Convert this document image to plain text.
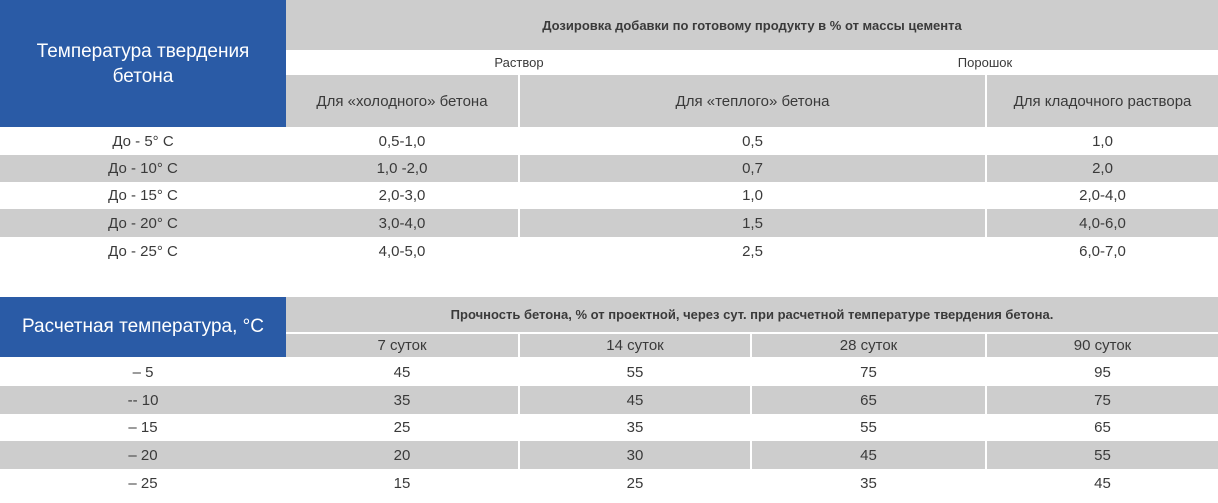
Температура твердения бетона
Дозировка добавки по готовому продукту в % от массы цемента
Раствор	Порошок
Для «холодного» бетона	Для «теплого» бетона	Для кладочного раствора
До - 5° С	0,5-1,0	0,5	1,0
До - 10° С	1,0 -2,0	0,7	2,0
До - 15° С	2,0-3,0	1,0	2,0-4,0
До - 20° С	3,0-4,0	1,5	4,0-6,0
До - 25° С	4,0-5,0	2,5	6,0-7,0
Расчетная температура, °С
Прочность бетона, % от проектной, через сут. при расчетной температуре твердения бетона.
7 суток	14 суток	28 суток	90 суток
– 5	45	55	75	95
-- 10	35	45	65	75
– 15	25	35	55	65
– 20	20	30	45	55
– 25	15	25	35	45
